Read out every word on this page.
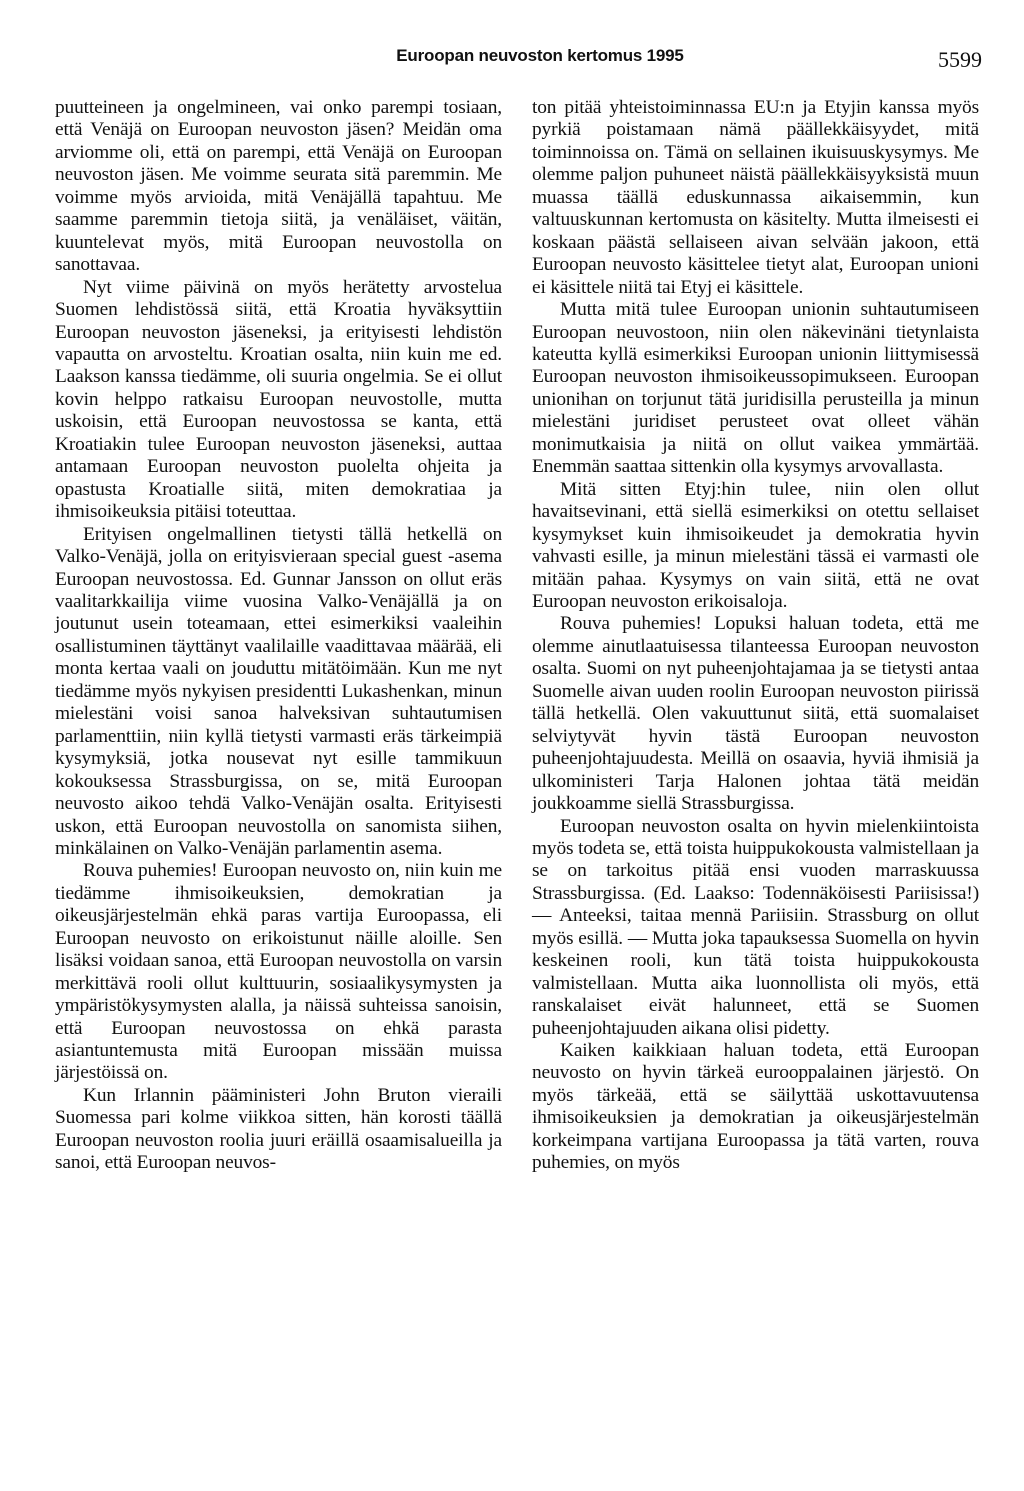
Euroopan neuvoston kertomus 1995	5599

puutteineen ja ongelmineen, vai onko parempi tosiaan, että Venäjä on Euroopan neuvoston jäsen? Meidän oma arviomme oli, että on parempi, että Venäjä on Euroopan neuvoston jäsen. Me voimme seurata sitä paremmin. Me voimme myös arvioida, mitä Venäjällä tapahtuu. Me saamme paremmin tietoja siitä, ja venäläiset, väitän, kuuntelevat myös, mitä Euroopan neuvostolla on sanottavaa.

Nyt viime päivinä on myös herätetty arvostelua Suomen lehdistössä siitä, että Kroatia hyväksyttiin Euroopan neuvoston jäseneksi, ja erityisesti lehdistön vapautta on arvosteltu. Kroatian osalta, niin kuin me ed. Laakson kanssa tiedämme, oli suuria ongelmia. Se ei ollut kovin helppo ratkaisu Euroopan neuvostolle, mutta uskoisin, että Euroopan neuvostossa se kanta, että Kroatiakin tulee Euroopan neuvoston jäseneksi, auttaa antamaan Euroopan neuvoston puolelta ohjeita ja opastusta Kroatialle siitä, miten demokratiaa ja ihmisoikeuksia pitäisi toteuttaa.

Erityisen ongelmallinen tietysti tällä hetkellä on Valko-Venäjä, jolla on erityisvieraan special guest -asema Euroopan neuvostossa. Ed. Gunnar Jansson on ollut eräs vaalitarkkailija viime vuosina Valko-Venäjällä ja on joutunut usein toteamaan, ettei esimerkiksi vaaleihin osallistuminen täyttänyt vaalilaille vaadittavaa määrää, eli monta kertaa vaali on jouduttu mitätöimään. Kun me nyt tiedämme myös nykyisen presidentti Lukashenkan, minun mielestäni voisi sanoa halveksivan suhtautumisen parlamenttiin, niin kyllä tietysti varmasti eräs tärkeimpiä kysymyksiä, jotka nousevat nyt esille tammikuun kokouksessa Strassburgissa, on se, mitä Euroopan neuvosto aikoo tehdä Valko-Venäjän osalta. Erityisesti uskon, että Euroopan neuvostolla on sanomista siihen, minkälainen on Valko-Venäjän parlamentin asema.

Rouva puhemies! Euroopan neuvosto on, niin kuin me tiedämme ihmisoikeuksien, demokratian ja oikeusjärjestelmän ehkä paras vartija Euroopassa, eli Euroopan neuvosto on erikoistunut näille aloille. Sen lisäksi voidaan sanoa, että Euroopan neuvostolla on varsin merkittävä rooli ollut kulttuurin, sosiaalikysymysten ja ympäristökysymysten alalla, ja näissä suhteissa sanoisin, että Euroopan neuvostossa on ehkä parasta asiantuntemusta mitä Euroopan missään muissa järjestöissä on.

Kun Irlannin pääministeri John Bruton vieraili Suomessa pari kolme viikkoa sitten, hän korosti täällä Euroopan neuvoston roolia juuri eräillä osaamisalueilla ja sanoi, että Euroopan neuvos-

ton pitää yhteistoiminnassa EU:n ja Etyjin kanssa myös pyrkiä poistamaan nämä päällekkäisyydet, mitä toiminnoissa on. Tämä on sellainen ikuisuuskysymys. Me olemme paljon puhuneet näistä päällekkäisyyksistä muun muassa täällä eduskunnassa aikaisemmin, kun valtuuskunnan kertomusta on käsitelty. Mutta ilmeisesti ei koskaan päästä sellaiseen aivan selvään jakoon, että Euroopan neuvosto käsittelee tietyt alat, Euroopan unioni ei käsittele niitä tai Etyj ei käsittele.

Mutta mitä tulee Euroopan unionin suhtautumiseen Euroopan neuvostoon, niin olen näkevinäni tietynlaista kateutta kyllä esimerkiksi Euroopan unionin liittymisessä Euroopan neuvoston ihmisoikeussopimukseen. Euroopan unionihan on torjunut tätä juridisilla perusteilla ja minun mielestäni juridiset perusteet ovat olleet vähän monimutkaisia ja niitä on ollut vaikea ymmärtää. Enemmän saattaa sittenkin olla kysymys arvovallasta.

Mitä sitten Etyj:hin tulee, niin olen ollut havaitsevinani, että siellä esimerkiksi on otettu sellaiset kysymykset kuin ihmisoikeudet ja demokratia hyvin vahvasti esille, ja minun mielestäni tässä ei varmasti ole mitään pahaa. Kysymys on vain siitä, että ne ovat Euroopan neuvoston erikoisaloja.

Rouva puhemies! Lopuksi haluan todeta, että me olemme ainutlaatuisessa tilanteessa Euroopan neuvoston osalta. Suomi on nyt puheenjohtajamaa ja se tietysti antaa Suomelle aivan uuden roolin Euroopan neuvoston piirissä tällä hetkellä. Olen vakuuttunut siitä, että suomalaiset selviytyvät hyvin tästä Euroopan neuvoston puheenjohtajuudesta. Meillä on osaavia, hyviä ihmisiä ja ulkoministeri Tarja Halonen johtaa tätä meidän joukkoamme siellä Strassburgissa.

Euroopan neuvoston osalta on hyvin mielenkiintoista myös todeta se, että toista huippukokousta valmistellaan ja se on tarkoitus pitää ensi vuoden marraskuussa Strassburgissa. (Ed. Laakso: Todennäköisesti Pariisissa!) — Anteeksi, taitaa mennä Pariisiin. Strassburg on ollut myös esillä. — Mutta joka tapauksessa Suomella on hyvin keskeinen rooli, kun tätä toista huippukokousta valmistellaan. Mutta aika luonnollista oli myös, että ranskalaiset eivät halunneet, että se Suomen puheenjohtajuuden aikana olisi pidetty.

Kaiken kaikkiaan haluan todeta, että Euroopan neuvosto on hyvin tärkeä eurooppalainen järjestö. On myös tärkeää, että se säilyttää uskottavuutensa ihmisoikeuksien ja demokratian ja oikeusjärjestelmän korkeimpana vartijana Euroopassa ja tätä varten, rouva puhemies, on myös
